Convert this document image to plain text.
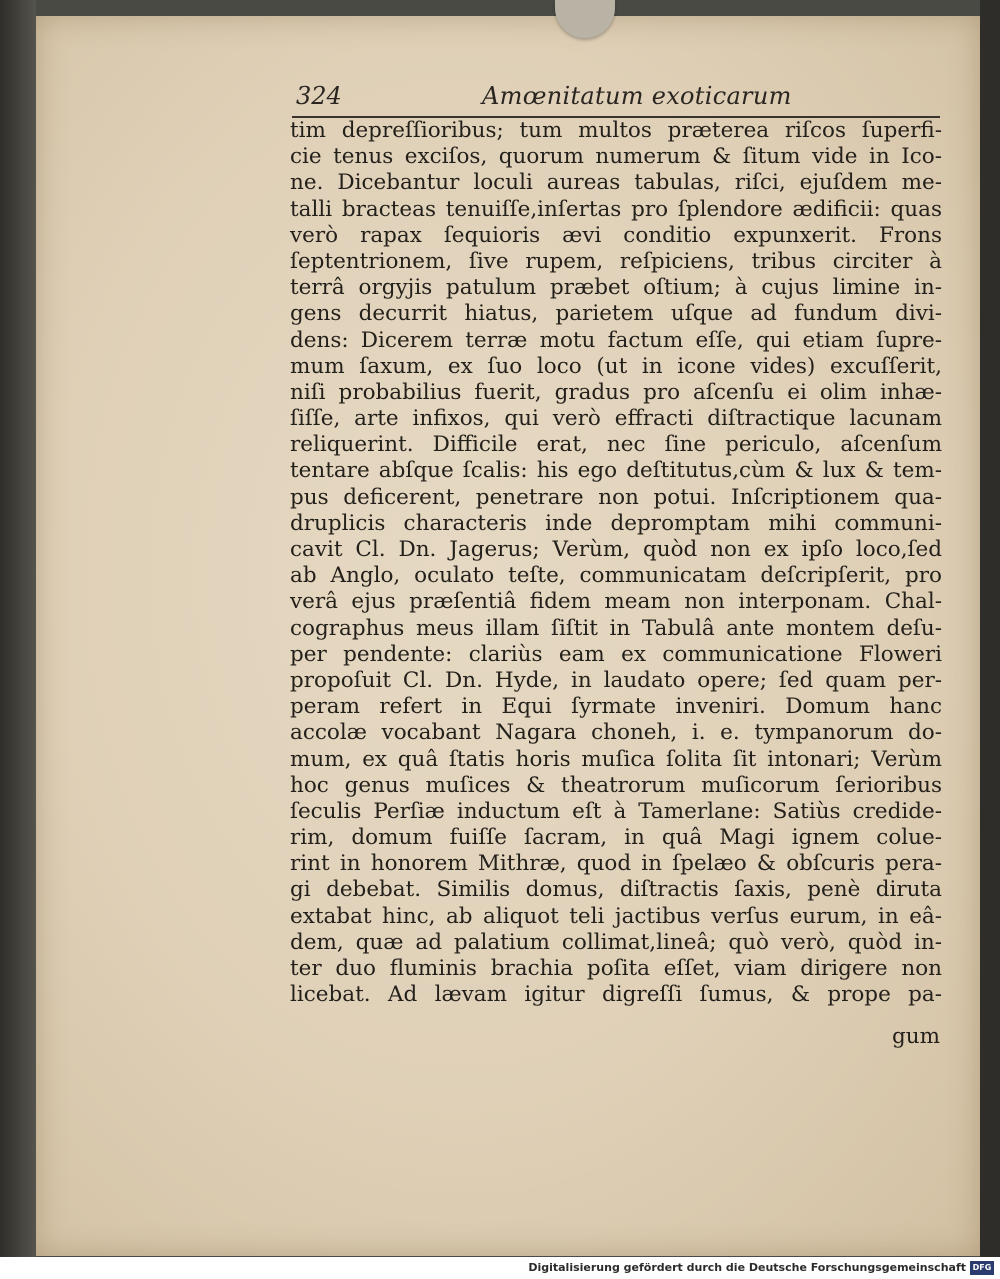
324	Amœnitatum exoticarum
tim depreſſioribus; tum multos præterea riſcos ſuperfi-
cie tenus exciſos, quorum numerum & ſitum vide in Ico-
ne. Dicebantur loculi aureas tabulas, riſci, ejuſdem me-
talli bracteas tenuiſſe,inſertas pro ſplendore ædificii: quas
verò rapax ſequioris ævi conditio expunxerit. Frons
ſeptentrionem, ſive rupem, reſpiciens, tribus circiter à
terrâ orgyjis patulum præbet oſtium; à cujus limine in-
gens decurrit hiatus, parietem uſque ad fundum divi-
dens: Dicerem terræ motu factum eſſe, qui etiam ſupre-
mum ſaxum, ex ſuo loco (ut in icone vides) excuſſerit,
niſi probabilius fuerit, gradus pro aſcenſu ei olim inhæ-
ſiſſe, arte infixos, qui verò effracti diſtractique lacunam
reliquerint. Difficile erat, nec ſine periculo, aſcenſum
tentare abſque ſcalis: his ego deſtitutus,cùm & lux & tem-
pus deficerent, penetrare non potui. Inſcriptionem qua-
druplicis characteris inde depromptam mihi communi-
cavit Cl. Dn. Jagerus; Verùm, quòd non ex ipſo loco,ſed
ab Anglo, oculato teſte, communicatam deſcripſerit, pro
verâ ejus præſentiâ fidem meam non interponam. Chal-
cographus meus illam ſiſtit in Tabulâ ante montem deſu-
per pendente: clariùs eam ex communicatione Floweri
propoſuit Cl. Dn. Hyde, in laudato opere; ſed quam per-
peram refert in Equi ſyrmate inveniri. Domum hanc
accolæ vocabant Nagara choneh, i. e. tympanorum do-
mum, ex quâ ſtatis horis muſica ſolita ſit intonari; Verùm
hoc genus muſices & theatrorum muſicorum ſerioribus
ſeculis Perſiæ inductum eſt à Tamerlane: Satiùs credide-
rim, domum fuiſſe ſacram, in quâ Magi ignem colue-
rint in honorem Mithræ, quod in ſpelæo & obſcuris pera-
gi debebat. Similis domus, diſtractis ſaxis, penè diruta
extabat hinc, ab aliquot teli jactibus verſus eurum, in eâ-
dem, quæ ad palatium collimat,lineâ; quò verò, quòd in-
ter duo fluminis brachia poſita eſſet, viam dirigere non
licebat. Ad lævam igitur digreſſi ſumus, & prope pa-
gum
Digitalisierung gefördert durch die Deutsche Forschungsgemeinschaft DFG
